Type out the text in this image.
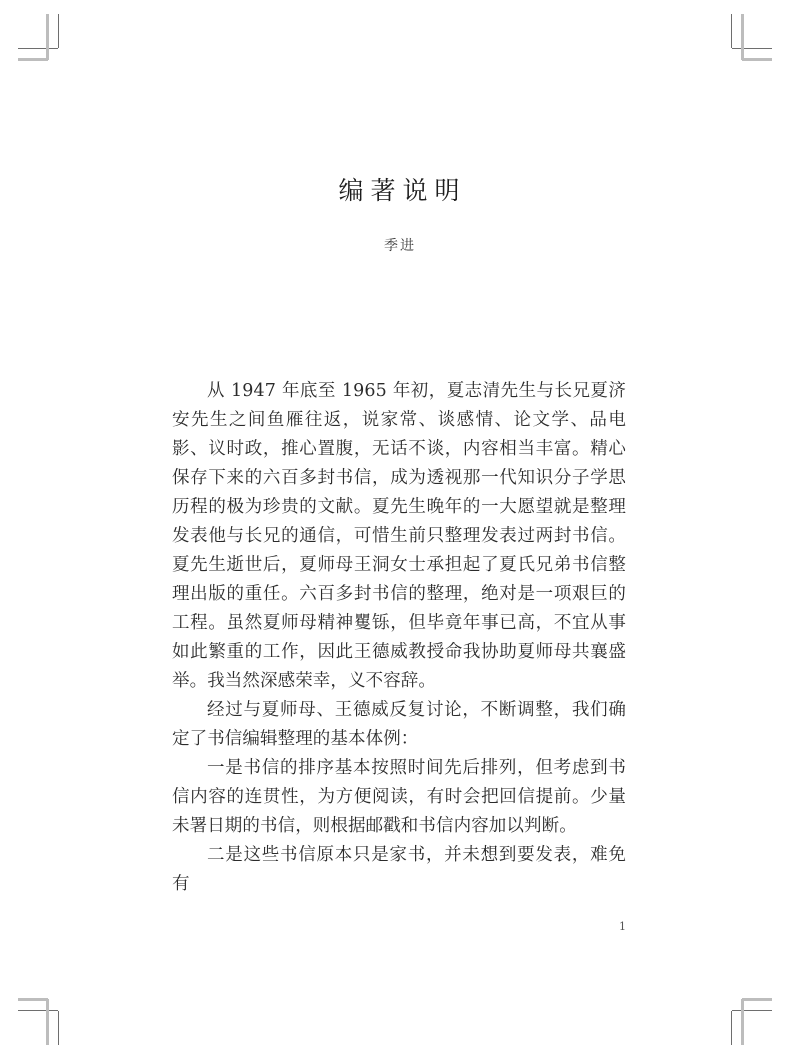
编著说明
季进

从 1947 年底至 1965 年初，夏志清先生与长兄夏济安先生之间鱼雁往返，说家常、谈感情、论文学、品电影、议时政，推心置腹，无话不谈，内容相当丰富。精心保存下来的六百多封书信，成为透视那一代知识分子学思历程的极为珍贵的文献。夏先生晚年的一大愿望就是整理发表他与长兄的通信，可惜生前只整理发表过两封书信。夏先生逝世后，夏师母王洞女士承担起了夏氏兄弟书信整理出版的重任。六百多封书信的整理，绝对是一项艰巨的工程。虽然夏师母精神矍铄，但毕竟年事已高，不宜从事如此繁重的工作，因此王德威教授命我协助夏师母共襄盛举。我当然深感荣幸，义不容辞。

经过与夏师母、王德威反复讨论，不断调整，我们确定了书信编辑整理的基本体例：

一是书信的排序基本按照时间先后排列，但考虑到书信内容的连贯性，为方便阅读，有时会把回信提前。少量未署日期的书信，则根据邮戳和书信内容加以判断。

二是这些书信原本只是家书，并未想到要发表，难免有

1
